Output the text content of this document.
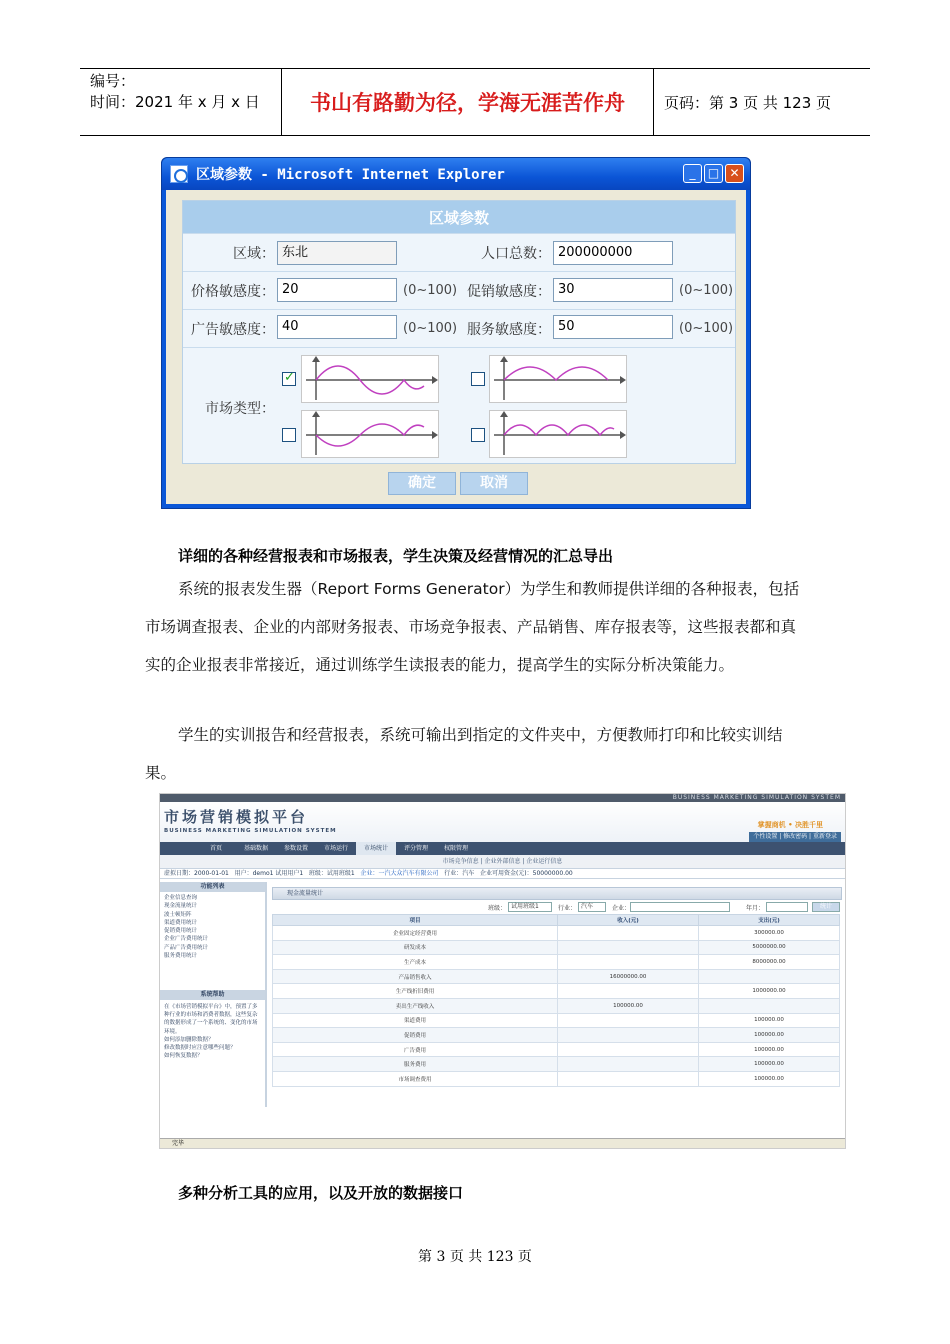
编号：
时间：2021 年 x 月 x 日	书山有路勤为径，学海无涯苦作舟	页码：第 3 页 共 123 页
区域参数 - Microsoft Internet Explorer	_	□ ✕
区域参数
区域： 东北	人口总数： 200000000
价格敏感度： 20	(0~100) 促销敏感度： 30	(0~100)
广告敏感度： 40	(0~100) 服务敏感度： 50	(0~100)
市场类型：
✓
确定	取消
详细的各种经营报表和市场报表，学生决策及经营情况的汇总导出
系统的报表发生器（Report Forms Generator）为学生和教师提供详细的各种报表，包括市场调查报表、企业的内部财务报表、市场竞争报表、产品销售、库存报表等，这些报表都和真实的企业报表非常接近，通过训练学生读报表的能力，提高学生的实际分析决策能力。
学生的实训报告和经营报表，系统可输出到指定的文件夹中，方便教师打印和比较实训结果。
BUSINESS MARKETING SIMULATION SYSTEM
市场营销模拟平台
BUSINESS MARKETING SIMULATION SYSTEM
掌握商机 • 决胜千里
个性设置 | 修改密码 | 重新登录
首页	基础数据	参数设置	市场运行	市场统计	评分管理	权限管理
市场竞争信息 | 企业外部信息 | 企业运行信息
虚拟日期：2000-01-01 用户：demo1 试用用户1 班级：试用班级1 企业：一汽大众汽车有限公司 行业：汽车 企业可用资金(元)：50000000.00
功能列表
企业信息查询
现金流量统计
波士顿矩阵
渠道费用统计
促销费用统计
企业广告费用统计
产品广告费用统计
服务费用统计
系统帮助
在《市场营销模拟平台》中，预置了多种行业的市场和消费者数据，这些复杂的数据形成了一个系统的、变化的市场环境。
如何添加删除数据？
修改数据时应注意哪些问题？
如何恢复数据？
现金流量统计
班级： 试用班级1	行业： 汽车	企业：	年月：	统计
项目	收入(元)	支出(元)
企业固定经营费用		300000.00
研发成本		5000000.00
生产成本		8000000.00
产品销售收入	16000000.00	
生产线折旧费用		1000000.00
卖出生产线收入	100000.00	
渠道费用		100000.00
促销费用		100000.00
广告费用		100000.00
服务费用		100000.00
市场调查费用		100000.00
完毕
多种分析工具的应用，以及开放的数据接口
第 3 页 共 123 页
